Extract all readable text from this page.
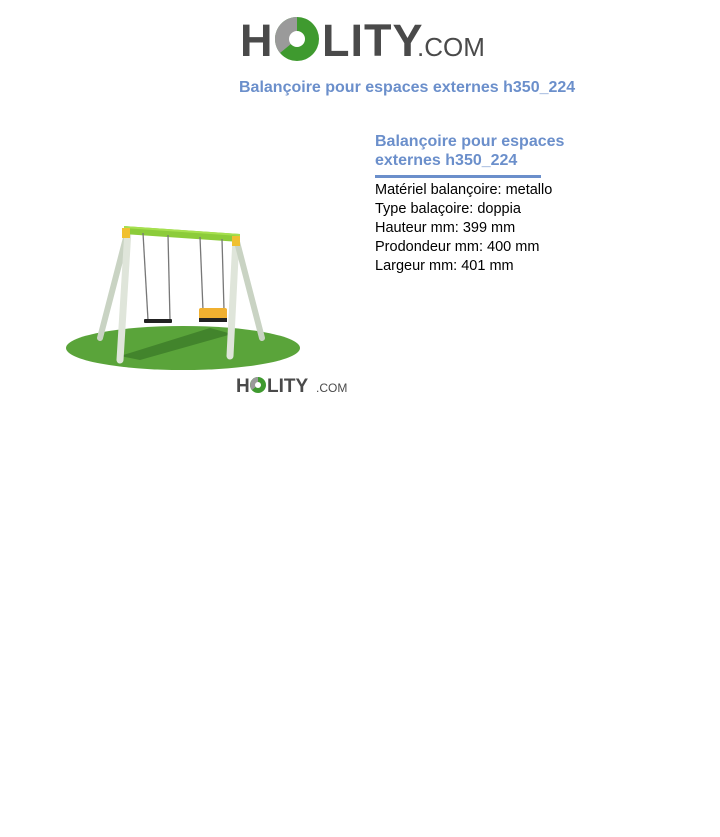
H LITY
.COM
Balançoire pour espaces externes h350_224
H LITY .COM
Balançoire pour espaces externes h350_224
Matériel balançoire: metallo
Type balaçoire: doppia
Hauteur mm: 399 mm
Prodondeur mm: 400 mm
Largeur mm: 401 mm
